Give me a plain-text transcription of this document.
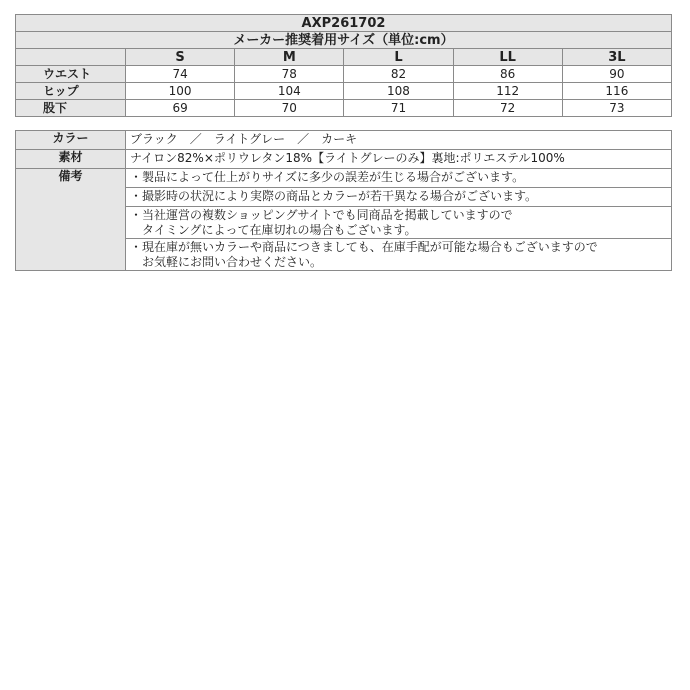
AXP261702					
メーカー推奨着用サイズ（単位:cm）					
	S	M	L	LL	3L
ウエスト	74	78	82	86	90
ヒップ	100	104	108	112	116
股下	69	70	71	72	73
カラー	ブラック　／　ライトグレー　／　カーキ
素材	ナイロン82%×ポリウレタン18%【ライトグレーのみ】裏地:ポリエステル100%
備考	・製品によって仕上がりサイズに多少の誤差が生じる場合がございます。
	・撮影時の状況により実際の商品とカラーが若干異なる場合がございます。
	・当社運営の複数ショッピングサイトでも同商品を掲載していますので
　タイミングによって在庫切れの場合もございます。
	・現在庫が無いカラーや商品につきましても、在庫手配が可能な場合もございますので
　お気軽にお問い合わせください。
